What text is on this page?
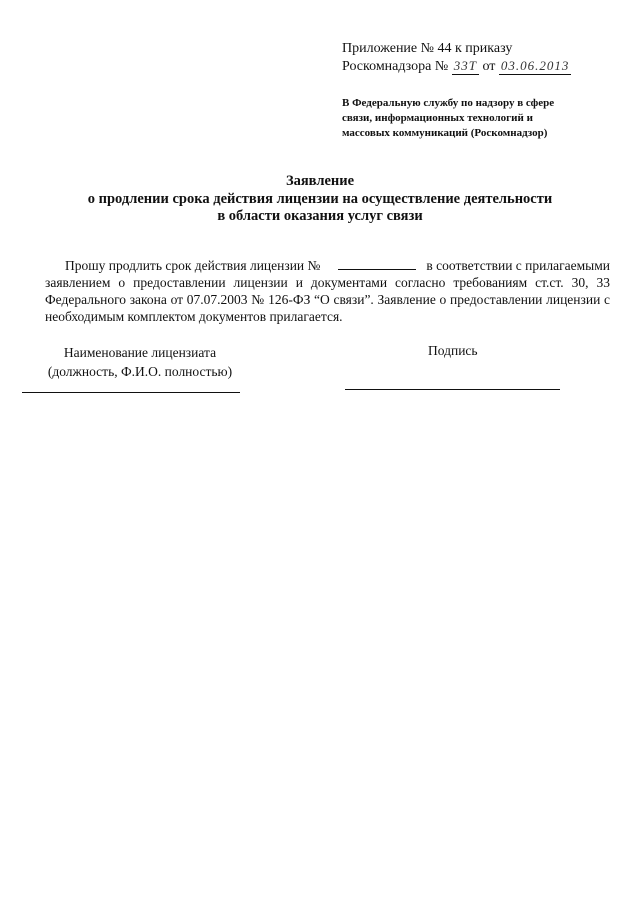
Приложение № 44 к приказу
Роскомнадзора № 33Т от 03.06.2013
В Федеральную службу по надзору в сфере
связи, информационных технологий и
массовых коммуникаций (Роскомнадзор)
Заявление
о продлении срока действия лицензии на осуществление деятельности
в области оказания услуг связи
Прошу продлить срок действия лицензии №	в соответствии с прилагаемыми заявлением о предоставлении лицензии и документами согласно требованиям ст.ст. 30, 33 Федерального закона от 07.07.2003 № 126-ФЗ “О связи”. Заявление о предоставлении лицензии с необходимым комплектом документов прилагается.
Наименование лицензиата
(должность, Ф.И.О. полностью)
Подпись
